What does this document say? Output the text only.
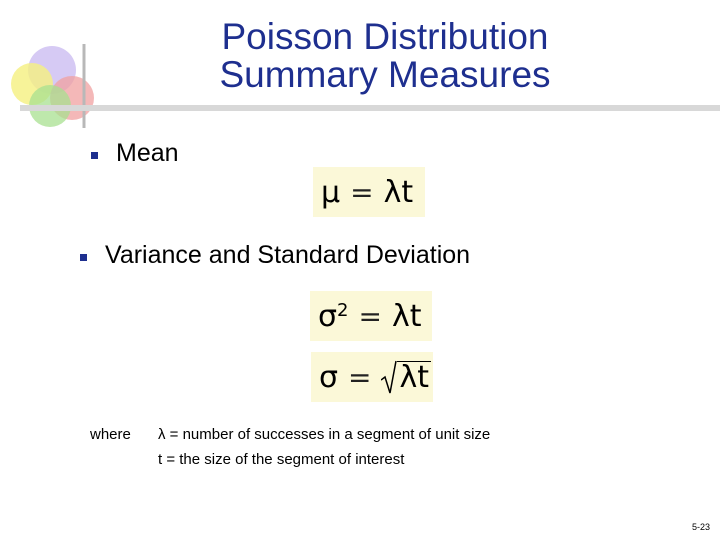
Poisson Distribution
Summary Measures
Mean
μ = λt
Variance and Standard Deviation
$\sigma^2 = \lambda t$
σ = λt
where λ = number of successes in a segment of unit size
t = the size of the segment of interest
5-23
